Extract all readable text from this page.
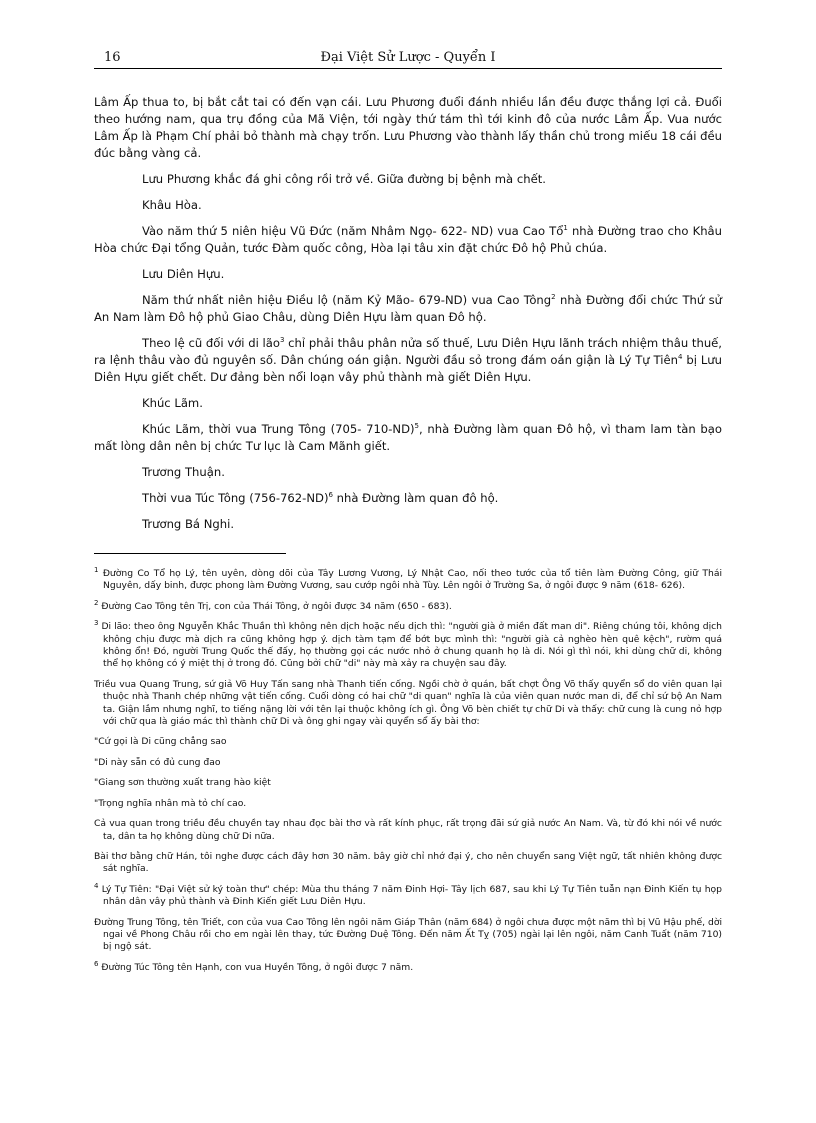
16	Đại Việt Sử Lược - Quyển I

Lâm Ấp thua to, bị bắt cắt tai có đến vạn cái. Lưu Phương đuổi đánh nhiều lần đều được thắng lợi cả. Đuổi theo hướng nam, qua trụ đồng của Mã Viện, tới ngày thứ tám thì tới kinh đô của nước Lâm Ấp. Vua nước Lâm Ấp là Phạm Chí phải bỏ thành mà chạy trốn. Lưu Phương vào thành lấy thần chủ trong miếu 18 cái đều đúc bằng vàng cả.

Lưu Phương khắc đá ghi công rồi trở về. Giữa đường bị bệnh mà chết.

Khâu Hòa.

Vào năm thứ 5 niên hiệu Vũ Đức (năm Nhâm Ngọ- 622- ND) vua Cao Tổ$^1$ nhà Đường trao cho Khâu Hòa chức Đại tổng Quản, tước Đàm quốc công, Hòa lại tâu xin đặt chức Đô hộ Phủ chúa.

Lưu Diên Hựu.

Năm thứ nhất niên hiệu Điều lộ (năm Kỷ Mão- 679-ND) vua Cao Tông$^2$ nhà Đường đổi chức Thứ sử An Nam làm Đô hộ phủ Giao Châu, dùng Diên Hựu làm quan Đô hộ.

Theo lệ cũ đối với di lão$^3$ chỉ phải thâu phân nửa số thuế, Lưu Diên Hựu lãnh trách nhiệm thâu thuế, ra lệnh thâu vào đủ nguyên số. Dân chúng oán giận. Người đầu sỏ trong đám oán giận là Lý Tự Tiên$^4$ bị Lưu Diên Hựu giết chết. Dư đảng bèn nổi loạn vây phủ thành mà giết Diên Hựu.

Khúc Lãm.

Khúc Lãm, thời vua Trung Tông (705- 710-ND)$^5$, nhà Đường làm quan Đô hộ, vì tham lam tàn bạo mất lòng dân nên bị chức Tư lục là Cam Mãnh giết.

Trương Thuận.

Thời vua Túc Tông $(756-762-ND)^6$ nhà Đường làm quan đô hộ.

Trương Bá Nghi.

$^1$ Đường Co Tổ họ Lý, tên uyên, dòng dõi của Tây Lương Vương, Lý Nhật Cao, nối theo tước của tổ tiên làm Đường Công, giữ Thái Nguyên, dấy binh, được phong làm Đường Vương, sau cướp ngôi nhà Tùy. Lên ngôi ở Trường Sa, ở ngôi được 9 năm (618- 626).

$^2$ Đường Cao Tông tên Trị, con của Thái Tông, ở ngôi được 34 năm (650 - 683).

$^3$ Di lão: theo ông Nguyễn Khắc Thuần thì không nên dịch hoặc nếu dịch thì: "người già ở miền đất man di". Riêng chúng tôi, không dịch không chịu được mà dịch ra cũng không hợp ý. dịch tàm tạm để bớt bực mình thì: "người già cả nghèo hèn quê kệch", rườm quá không ổn! Đó, người Trung Quốc thế đấy, họ thường gọi các nước nhỏ ở chung quanh họ là di. Nói gì thì nói, khi dùng chữ di, không thể họ không có ý miệt thị ở trong đó. Cũng bởi chữ "di" này mà xảy ra chuyện sau đây.

Triều vua Quang Trung, sứ giả Võ Huy Tấn sang nhà Thanh tiến cống. Ngồi chờ ở quán, bất chợt Ông Võ thấy quyển sổ do viên quan lại thuộc nhà Thanh chép những vật tiến cống. Cuối dòng có hai chữ "di quan" nghĩa là của viên quan nước man di, để chỉ sứ bộ An Nam ta. Giận lắm nhưng nghĩ, to tiếng nặng lời với tên lại thuộc không ích gì. Ông Võ bèn chiết tự chữ Di và thấy: chữ cung là cung nỏ hợp với chữ qua là giáo mác thì thành chữ Di và ông ghi ngay vài quyển sổ ấy bài thơ:

"Cứ gọi là Di cũng chẳng sao

"Di này sẵn có đủ cung đao

"Giang sơn thường xuất trang hào kiệt

"Trọng nghĩa nhân mà tỏ chí cao.

Cả vua quan trong triều đều chuyền tay nhau đọc bài thơ và rất kính phục, rất trọng đãi sứ giả nước An Nam. Và, từ đó khi nói về nước ta, dân ta họ không dùng chữ Di nữa.

Bài thơ bằng chữ Hán, tôi nghe được cách đây hơn 30 năm. bây giờ chỉ nhớ đại ý, cho nên chuyển sang Việt ngữ, tất nhiên không được sát nghĩa.

$^4$ Lý Tự Tiên: "Đại Việt sử ký toàn thư" chép: Mùa thu tháng 7 năm Đinh Hợi- Tây lịch 687, sau khi Lý Tự Tiên tuẫn nạn Đinh Kiến tụ họp nhân dân vây phủ thành và Đinh Kiến giết Lưu Diên Hựu.

Đường Trung Tông, tên Triết, con của vua Cao Tông lên ngôi năm Giáp Thân (năm 684) ở ngôi chưa được một năm thì bị Vũ Hậu phế, dời ngai về Phong Châu rồi cho em ngài lên thay, tức Đường Duệ Tông. Đến năm Ất Tỵ (705) ngài lại lên ngôi, năm Canh Tuất (năm 710) bị ngộ sát.

$^6$ Đường Túc Tông tên Hạnh, con vua Huyền Tông, ở ngôi được 7 năm.
